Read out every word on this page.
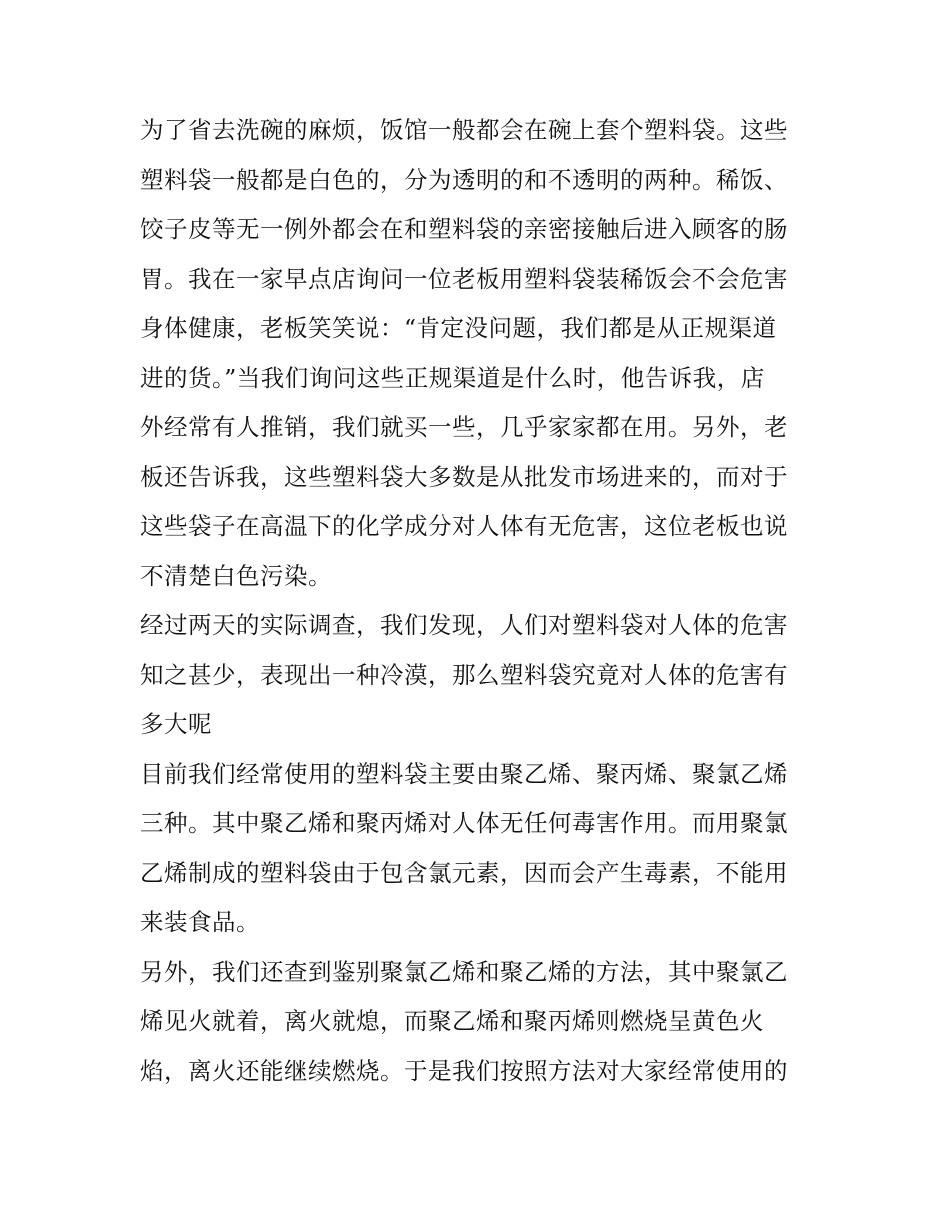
为了省去洗碗的麻烦，饭馆一般都会在碗上套个塑料袋。这些
塑料袋一般都是白色的，分为透明的和不透明的两种。稀饭、
饺子皮等无一例外都会在和塑料袋的亲密接触后进入顾客的肠
胃。我在一家早点店询问一位老板用塑料袋装稀饭会不会危害
身体健康，老板笑笑说：“肯定没问题，我们都是从正规渠道
进的货。”当我们询问这些正规渠道是什么时，他告诉我，店
外经常有人推销，我们就买一些，几乎家家都在用。另外，老
板还告诉我，这些塑料袋大多数是从批发市场进来的，而对于
这些袋子在高温下的化学成分对人体有无危害，这位老板也说
不清楚白色污染。
经过两天的实际调查，我们发现，人们对塑料袋对人体的危害
知之甚少，表现出一种冷漠，那么塑料袋究竟对人体的危害有
多大呢
目前我们经常使用的塑料袋主要由聚乙烯、聚丙烯、聚氯乙烯
三种。其中聚乙烯和聚丙烯对人体无任何毒害作用。而用聚氯
乙烯制成的塑料袋由于包含氯元素，因而会产生毒素，不能用
来装食品。
另外，我们还查到鉴别聚氯乙烯和聚乙烯的方法，其中聚氯乙
烯见火就着，离火就熄，而聚乙烯和聚丙烯则燃烧呈黄色火
焰，离火还能继续燃烧。于是我们按照方法对大家经常使用的
